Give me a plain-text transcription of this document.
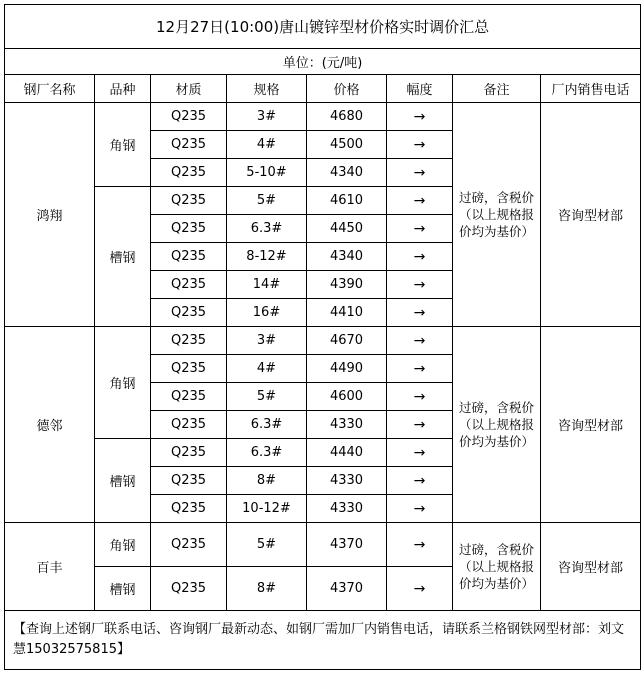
12月27日(10:00)唐山镀锌型材价格实时调价汇总							
单位：(元/吨)							
钢厂名称	品种	材质	规格	价格	幅度	备注	厂内销售电话
鸿翔	角钢	Q235	3#	4680	→	过磅，含税价（以上规格报价均为基价）	咨询型材部
		Q235	4#	4500	→		
		Q235	5-10#	4340	→		
	槽钢	Q235	5#	4610	→		
		Q235	6.3#	4450	→		
		Q235	8-12#	4340	→		
		Q235	14#	4390	→		
		Q235	16#	4410	→		
德邻	角钢	Q235	3#	4670	→	过磅，含税价（以上规格报价均为基价）	咨询型材部
		Q235	4#	4490	→		
		Q235	5#	4600	→		
		Q235	6.3#	4330	→		
	槽钢	Q235	6.3#	4440	→		
		Q235	8#	4330	→		
		Q235	10-12#	4330	→		
百丰	角钢	Q235	5#	4370	→	过磅，含税价（以上规格报价均为基价）	咨询型材部
	槽钢	Q235	8#	4370	→		
【查询上述钢厂联系电话、咨询钢厂最新动态、如钢厂需加厂内销售电话，请联系兰格钢铁网型材部：刘文慧15032575815】							
